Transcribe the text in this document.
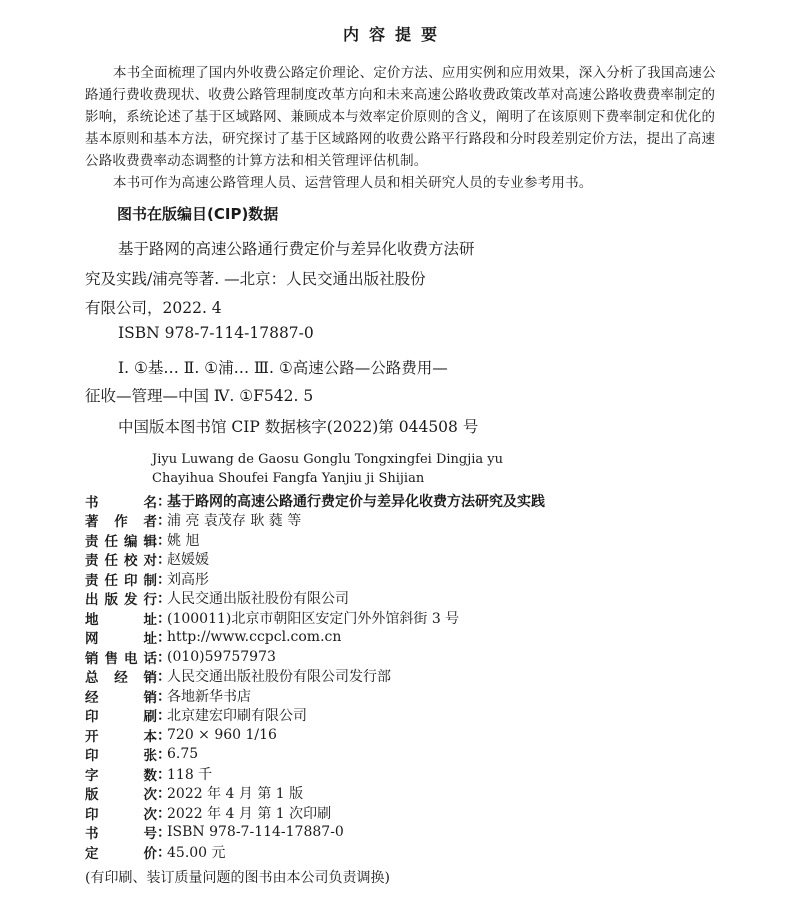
内容提要

本书全面梳理了国内外收费公路定价理论、定价方法、应用实例和应用效果，深入分析了我国高速公路通行费收费现状、收费公路管理制度改革方向和未来高速公路收费政策改革对高速公路收费费率制定的影响，系统论述了基于区域路网、兼顾成本与效率定价原则的含义，阐明了在该原则下费率制定和优化的基本原则和基本方法，研究探讨了基于区域路网的收费公路平行路段和分时段差别定价方法，提出了高速公路收费费率动态调整的计算方法和相关管理评估机制。

本书可作为高速公路管理人员、运营管理人员和相关研究人员的专业参考用书。

图书在版编目(CIP)数据
基于路网的高速公路通行费定价与差异化收费方法研
究及实践/浦亮等著. —北京：人民交通出版社股份
有限公司，2022. 4
ISBN 978-7-114-17887-0
Ⅰ. ①基… Ⅱ. ①浦… Ⅲ. ①高速公路—公路费用—
征收—管理—中国 Ⅳ. ①F542. 5
中国版本图书馆 CIP 数据核字(2022)第 044508 号
Jiyu Luwang de Gaosu Gonglu Tongxingfei Dingjia yu
Chayihua Shoufei Fangfa Yanjiu ji Shijian
书	名 ：
基于路网的高速公路通行费定价与差异化收费方法研究及实践
著 作 者 ：
浦 亮 袁茂存 耿 蕤 等
责 任 编 辑 ：
姚 旭
责 任 校 对 ：
赵媛媛
责 任 印 制 ：
刘高彤
出 版 发 行 ：
人民交通出版社股份有限公司
地	址 ：
(100011)北京市朝阳区安定门外外馆斜街 3 号
网	址 ：
http://www.ccpcl.com.cn
销 售 电 话 ：
(010)59757973
总 经 销 ：
人民交通出版社股份有限公司发行部
经	销 ：
各地新华书店
印	刷 ：
北京建宏印刷有限公司
开	本 ：
720 × 960 1/16
印	张 ：
6.75
字	数 ：
118 千
版	次 ：
2022 年 4 月 第 1 版
印	次 ：
2022 年 4 月 第 1 次印刷
书	号 ：
ISBN 978-7-114-17887-0
定	价 ：
45.00 元
(有印刷、装订质量问题的图书由本公司负责调换)
